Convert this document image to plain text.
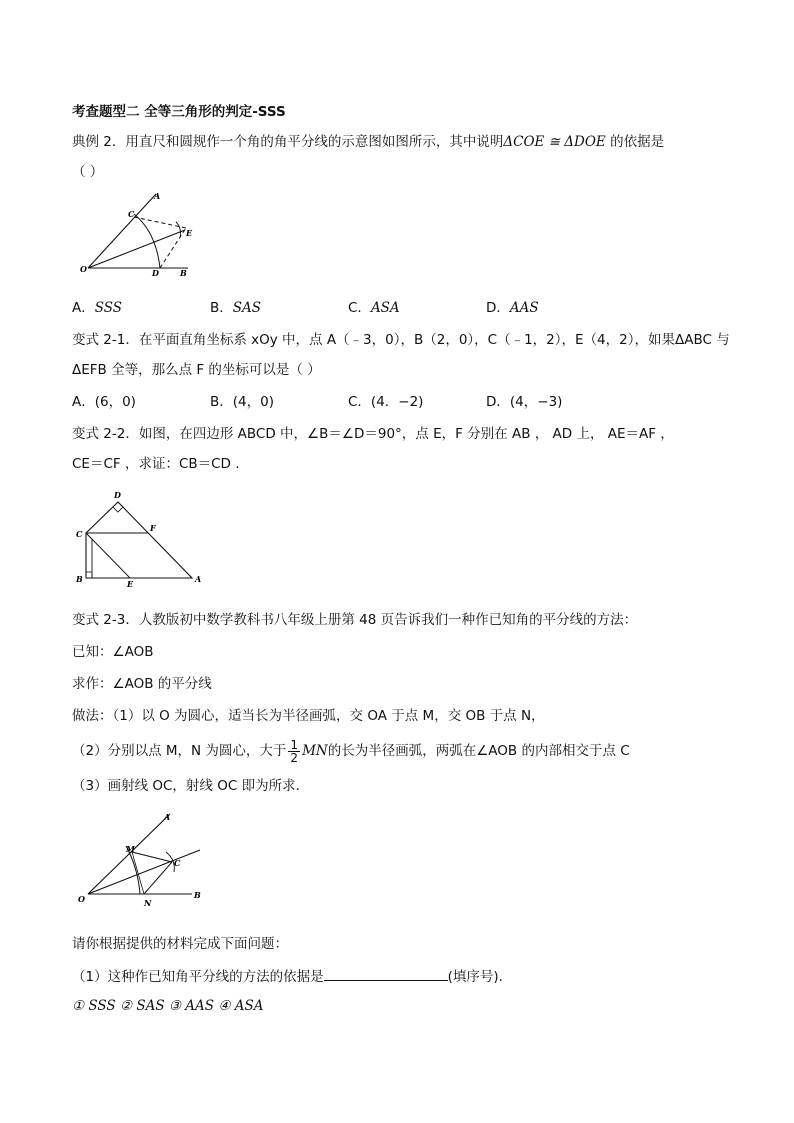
考查题型二 全等三角形的判定-SSS
典例 2．用直尺和圆规作一个角的角平分线的示意图如图所示，其中说明ΔCOE ≅ ΔDOE 的依据是
（ ）
A
C
E
O	D	B
A．SSS	B．SAS	C．ASA	D．AAS
变式 2-1．在平面直角坐标系 xOy 中，点 A（﹣3，0），B（2，0），C（﹣1，2），E（4，2），如果ΔABC 与
ΔEFB 全等，那么点 F 的坐标可以是（ ）
A．(6，0)	B．(4，0)	C．(4．−2)	D．(4，−3)
变式 2-2．如图，在四边形 ABCD 中，∠B＝∠D＝90°，点 E，F 分别在 AB ， AD 上， AE＝AF ，
CE＝CF ，求证：CB＝CD .
D
F
C
B	E	A
变式 2-3．人教版初中数学教科书八年级上册第 48 页告诉我们一种作已知角的平分线的方法：
已知：∠AOB
求作：∠AOB 的平分线
做法：（1）以 O 为圆心，适当长为半径画弧，交 OA 于点 M，交 OB 于点 N，
（2）分别以点 M，N 为圆心，大于 $\frac{1}{2}$ MN的长为半径画弧，两弧在∠AOB 的内部相交于点 C
（3）画射线 OC，射线 OC 即为所求．
A
M
C
O	N
B
请你根据提供的材料完成下面问题：
（1）这种作已知角平分线的方法的依据是	(填序号)．
① SSS ② SAS ③ AAS ④ ASA
